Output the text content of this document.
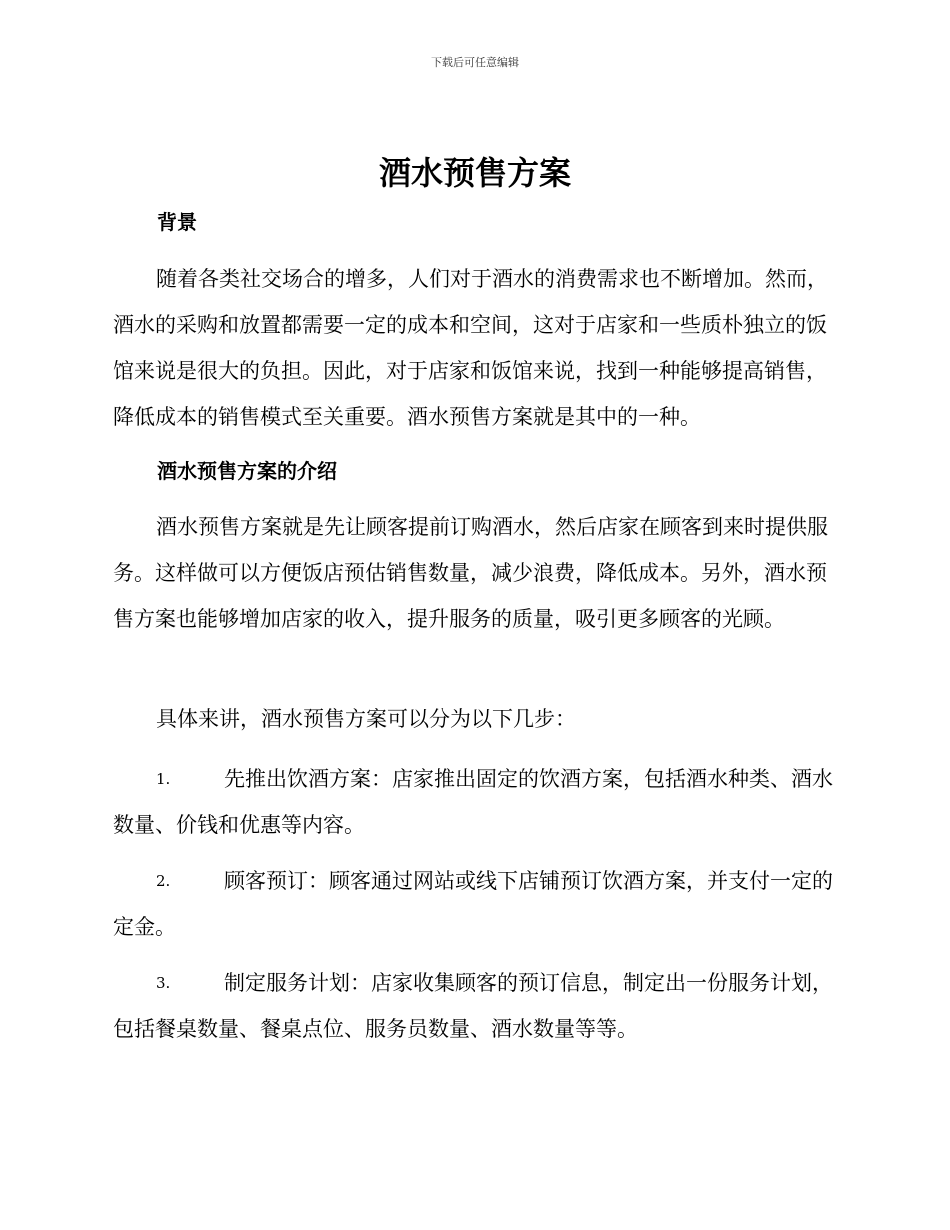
下载后可任意编辑
酒水预售方案
背景

随着各类社交场合的增多，人们对于酒水的消费需求也不断增加。然而，酒水的采购和放置都需要一定的成本和空间，这对于店家和一些质朴独立的饭馆来说是很大的负担。因此，对于店家和饭馆来说，找到一种能够提高销售，降低成本的销售模式至关重要。酒水预售方案就是其中的一种。

酒水预售方案的介绍

酒水预售方案就是先让顾客提前订购酒水，然后店家在顾客到来时提供服务。这样做可以方便饭店预估销售数量，减少浪费，降低成本。另外，酒水预售方案也能够增加店家的收入，提升服务的质量，吸引更多顾客的光顾。

具体来讲，酒水预售方案可以分为以下几步：

1.	先推出饮酒方案：店家推出固定的饮酒方案，包括酒水种类、酒水数量、价钱和优惠等内容。

2.	顾客预订：顾客通过网站或线下店铺预订饮酒方案，并支付一定的定金。

3.	制定服务计划：店家收集顾客的预订信息，制定出一份服务计划，包括餐桌数量、餐桌点位、服务员数量、酒水数量等等。
